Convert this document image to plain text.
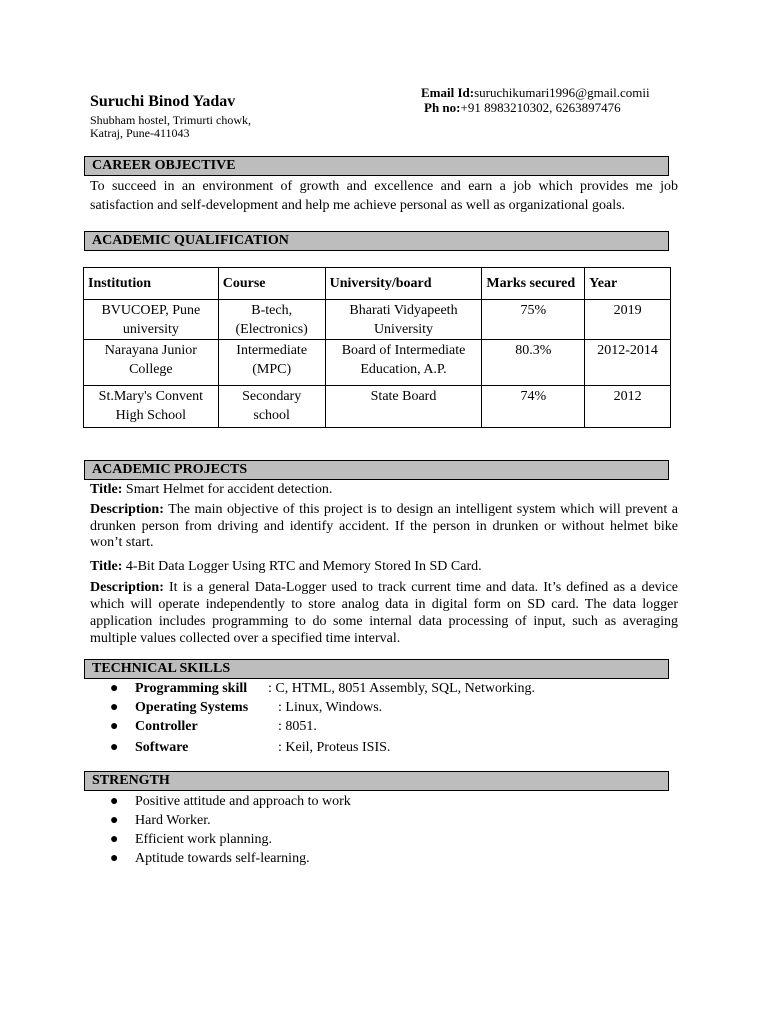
Suruchi Binod Yadav
Shubham hostel, Trimurti chowk,
Katraj, Pune-411043
Email Id:suruchikumari1996@gmail.comii
Ph no:+91 8983210302, 6263897476
CAREER OBJECTIVE
To succeed in an environment of growth and excellence and earn a job which provides me job satisfaction and self-development and help me achieve personal as well as organizational goals.
ACADEMIC QUALIFICATION
Institution	Course	University/board	Marks secured	Year
BVUCOEP, Pune university	B-tech, (Electronics)	Bharati Vidyapeeth University	75%	2019
Narayana Junior College	Intermediate (MPC)	Board of Intermediate Education, A.P.	80.3%	2012-2014
St.Mary's Convent High School	Secondary school	State Board	74%	2012
ACADEMIC PROJECTS
Title: Smart Helmet for accident detection.
Description: The main objective of this project is to design an intelligent system which will prevent a drunken person from driving and identify accident. If the person in drunken or without helmet bike won’t start.
Title: 4-Bit Data Logger Using RTC and Memory Stored In SD Card.
Description: It is a general Data-Logger used to track current time and data. It’s defined as a device which will operate independently to store analog data in digital form on SD card. The data logger application includes programming to do some internal data processing of input, such as averaging multiple values collected over a specified time interval.
TECHNICAL SKILLS
● Programming skill : C, HTML, 8051 Assembly, SQL, Networking.
● Operating Systems : Linux, Windows.
● Controller	: 8051.
● Software	: Keil, Proteus ISIS.
STRENGTH
● Positive attitude and approach to work
● Hard Worker.
● Efficient work planning.
● Aptitude towards self-learning.
